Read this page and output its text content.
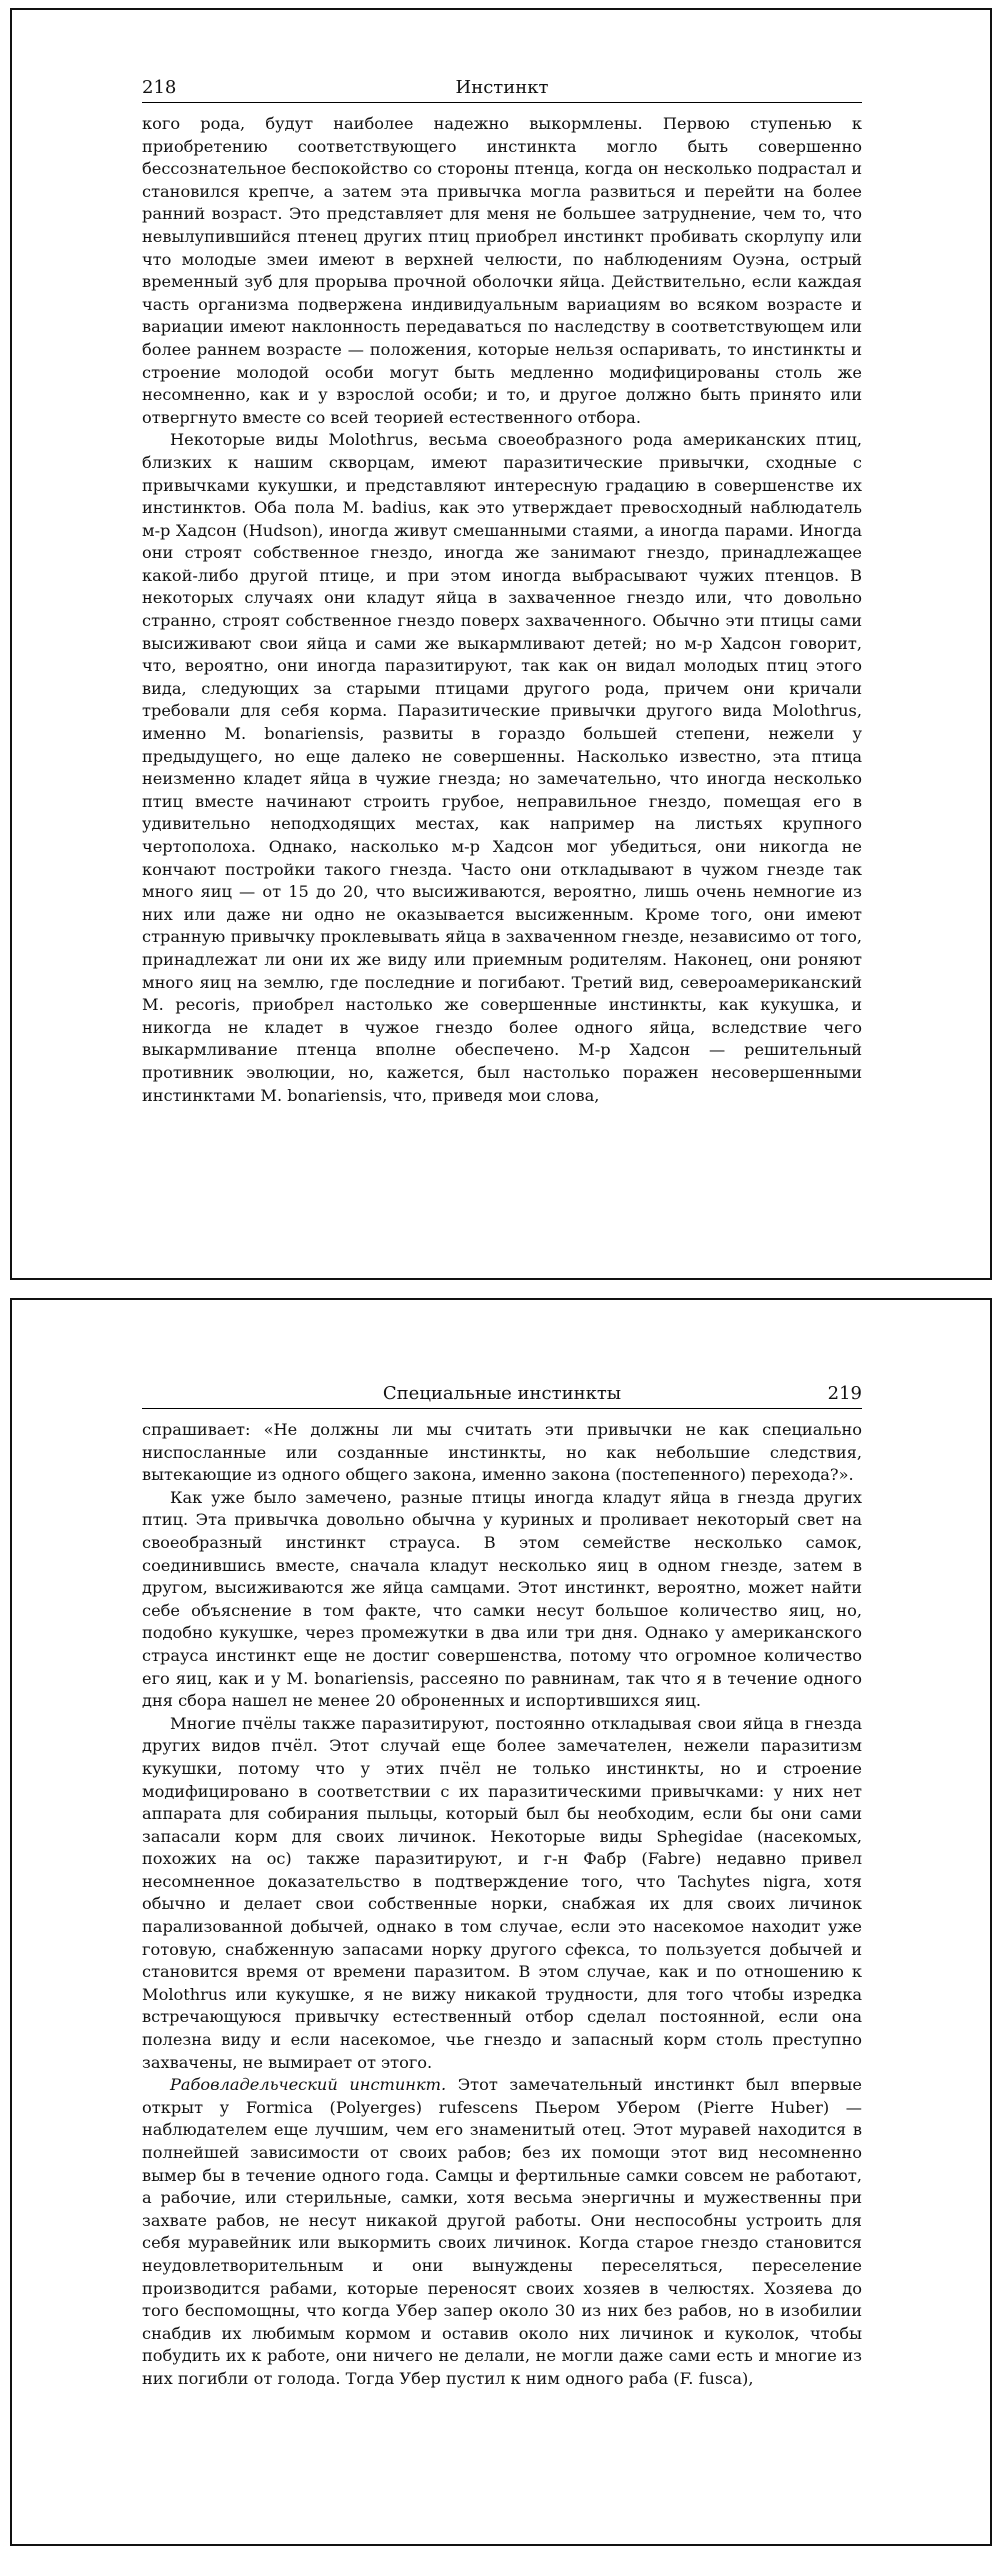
218	Инстинкт

кого рода, будут наиболее надежно выкормлены. Первою ступенью к приобретению соответствующего инстинкта могло быть совершенно бессознательное беспокойство со стороны птенца, когда он несколько подрастал и становился крепче, а затем эта привычка могла развиться и перейти на более ранний возраст. Это представляет для меня не большее затруднение, чем то, что невылупившийся птенец других птиц приобрел инстинкт пробивать скорлупу или что молодые змеи имеют в верхней челюсти, по наблюдениям Оуэна, острый временный зуб для прорыва прочной оболочки яйца. Действительно, если каждая часть организма подвержена индивидуальным вариациям во всяком возрасте и вариации имеют наклонность передаваться по наследству в соответствующем или более раннем возрасте — положения, которые нельзя оспаривать, то инстинкты и строение молодой особи могут быть медленно модифицированы столь же несомненно, как и у взрослой особи; и то, и другое должно быть принято или отвергнуто вместе со всей теорией естественного отбора.

Некоторые виды Molothrus, весьма своеобразного рода американских птиц, близких к нашим скворцам, имеют паразитические привычки, сходные с привычками кукушки, и представляют интересную градацию в совершенстве их инстинктов. Оба пола M. badius, как это утверждает превосходный наблюдатель м-р Хадсон (Hudson), иногда живут смешанными стаями, а иногда парами. Иногда они строят собственное гнездо, иногда же занимают гнездо, принадлежащее какой-либо другой птице, и при этом иногда выбрасывают чужих птенцов. В некоторых случаях они кладут яйца в захваченное гнездо или, что довольно странно, строят собственное гнездо поверх захваченного. Обычно эти птицы сами высиживают свои яйца и сами же выкармливают детей; но м-р Хадсон говорит, что, вероятно, они иногда паразитируют, так как он видал молодых птиц этого вида, следующих за старыми птицами другого рода, причем они кричали требовали для себя корма. Паразитические привычки другого вида Molothrus, именно M. bonariensis, развиты в гораздо большей степени, нежели у предыдущего, но еще далеко не совершенны. Насколько известно, эта птица неизменно кладет яйца в чужие гнезда; но замечательно, что иногда несколько птиц вместе начинают строить грубое, неправильное гнездо, помещая его в удивительно неподходящих местах, как например на листьях крупного чертополоха. Однако, насколько м-р Хадсон мог убедиться, они никогда не кончают постройки такого гнезда. Часто они откладывают в чужом гнезде так много яиц — от 15 до 20, что высиживаются, вероятно, лишь очень немногие из них или даже ни одно не оказывается высиженным. Кроме того, они имеют странную привычку проклевывать яйца в захваченном гнезде, независимо от того, принадлежат ли они их же виду или приемным родителям. Наконец, они роняют много яиц на землю, где последние и погибают. Третий вид, североамериканский M. pecoris, приобрел настолько же совершенные инстинкты, как кукушка, и никогда не кладет в чужое гнездо более одного яйца, вследствие чего выкармливание птенца вполне обеспечено. М-р Хадсон — решительный противник эволюции, но, кажется, был настолько поражен несовершенными инстинктами M. bonariensis, что, приведя мои слова,

Специальные инстинкты	219

спрашивает: «Не должны ли мы считать эти привычки не как специально ниспосланные или созданные инстинкты, но как небольшие следствия, вытекающие из одного общего закона, именно закона (постепенного) перехода?».

Как уже было замечено, разные птицы иногда кладут яйца в гнезда других птиц. Эта привычка довольно обычна у куриных и проливает некоторый свет на своеобразный инстинкт страуса. В этом семействе несколько самок, соединившись вместе, сначала кладут несколько яиц в одном гнезде, затем в другом, высиживаются же яйца самцами. Этот инстинкт, вероятно, может найти себе объяснение в том факте, что самки несут большое количество яиц, но, подобно кукушке, через промежутки в два или три дня. Однако у американского страуса инстинкт еще не достиг совершенства, потому что огромное количество его яиц, как и у M. bonariensis, рассеяно по равнинам, так что я в течение одного дня сбора нашел не менее 20 оброненных и испортившихся яиц.

Многие пчёлы также паразитируют, постоянно откладывая свои яйца в гнезда других видов пчёл. Этот случай еще более замечателен, нежели паразитизм кукушки, потому что у этих пчёл не только инстинкты, но и строение модифицировано в соответствии с их паразитическими привычками: у них нет аппарата для собирания пыльцы, который был бы необходим, если бы они сами запасали корм для своих личинок. Некоторые виды Sphegidae (насекомых, похожих на ос) также паразитируют, и г-н Фабр (Fabre) недавно привел несомненное доказательство в подтверждение того, что Tachytes nigra, хотя обычно и делает свои собственные норки, снабжая их для своих личинок парализованной добычей, однако в том случае, если это насекомое находит уже готовую, снабженную запасами норку другого сфекса, то пользуется добычей и становится время от времени паразитом. В этом случае, как и по отношению к Molothrus или кукушке, я не вижу никакой трудности, для того чтобы изредка встречающуюся привычку естественный отбор сделал постоянной, если она полезна виду и если насекомое, чье гнездо и запасный корм столь преступно захвачены, не вымирает от этого.

Рабовладельческий инстинкт. Этот замечательный инстинкт был впервые открыт у Formica (Polyerges) rufescens Пьером Убером (Pierre Huber) — наблюдателем еще лучшим, чем его знаменитый отец. Этот муравей находится в полнейшей зависимости от своих рабов; без их помощи этот вид несомненно вымер бы в течение одного года. Самцы и фертильные самки совсем не работают, а рабочие, или стерильные, самки, хотя весьма энергичны и мужественны при захвате рабов, не несут никакой другой работы. Они неспособны устроить для себя муравейник или выкормить своих личинок. Когда старое гнездо становится неудовлетворительным и они вынуждены переселяться, переселение производится рабами, которые переносят своих хозяев в челюстях. Хозяева до того беспомощны, что когда Убер запер около 30 из них без рабов, но в изобилии снабдив их любимым кормом и оставив около них личинок и куколок, чтобы побудить их к работе, они ничего не делали, не могли даже сами есть и многие из них погибли от голода. Тогда Убер пустил к ним одного раба (F. fusca),
